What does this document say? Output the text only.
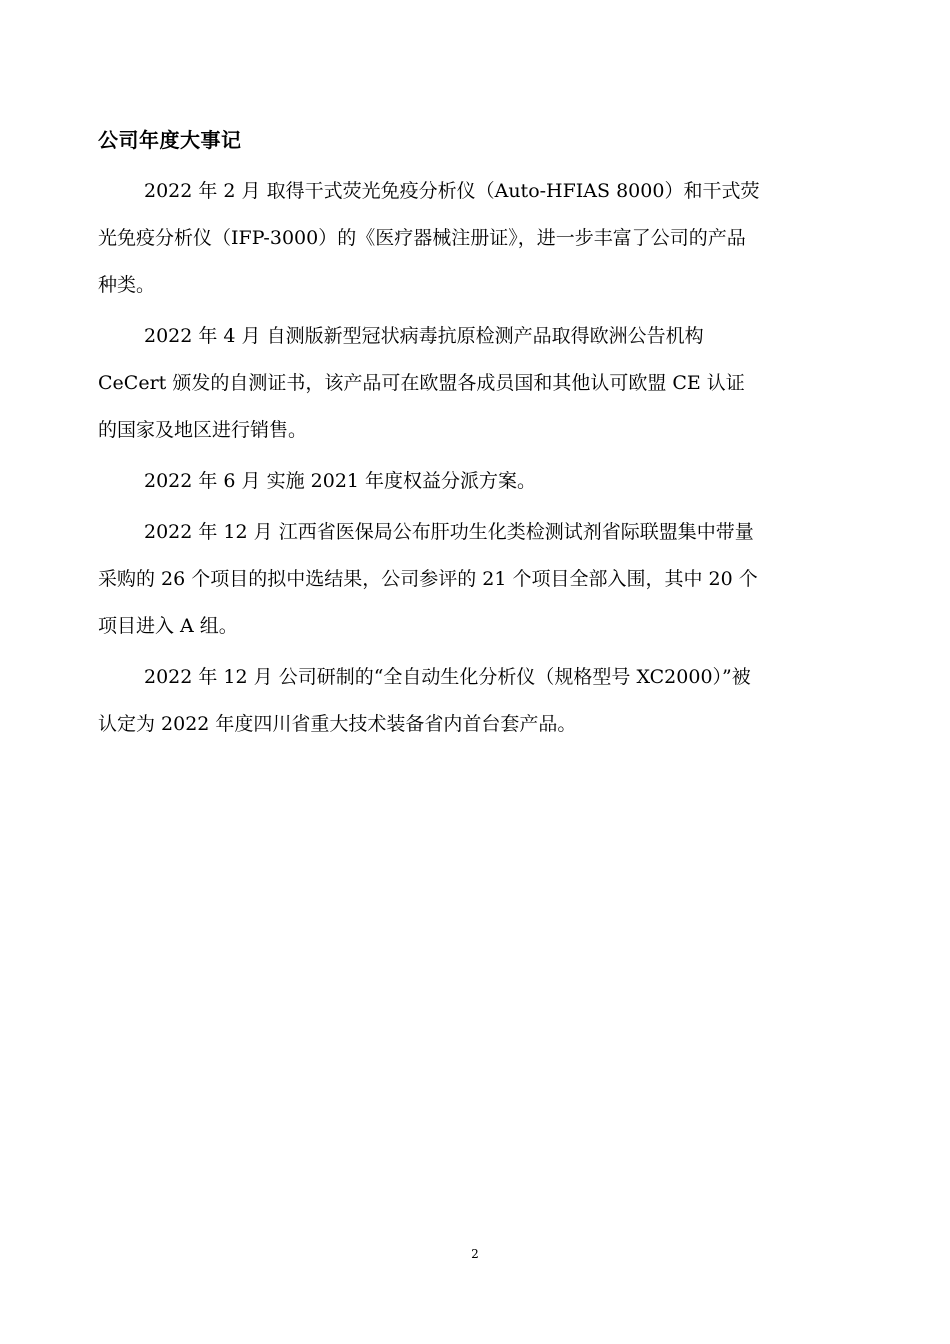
公司年度大事记
2022 年 2 月 取得干式荧光免疫分析仪（Auto-HFIAS 8000）和干式荧
光免疫分析仪（IFP-3000）的《医疗器械注册证》，进一步丰富了公司的产品
种类。
2022 年 4 月 自测版新型冠状病毒抗原检测产品取得欧洲公告机构
CeCert 颁发的自测证书，该产品可在欧盟各成员国和其他认可欧盟 CE 认证
的国家及地区进行销售。
2022 年 6 月 实施 2021 年度权益分派方案。
2022 年 12 月 江西省医保局公布肝功生化类检测试剂省际联盟集中带量
采购的 26 个项目的拟中选结果，公司参评的 21 个项目全部入围，其中 20 个
项目进入 A 组。
2022 年 12 月 公司研制的“全自动生化分析仪（规格型号 XC2000）”被
认定为 2022 年度四川省重大技术装备省内首台套产品。
2
